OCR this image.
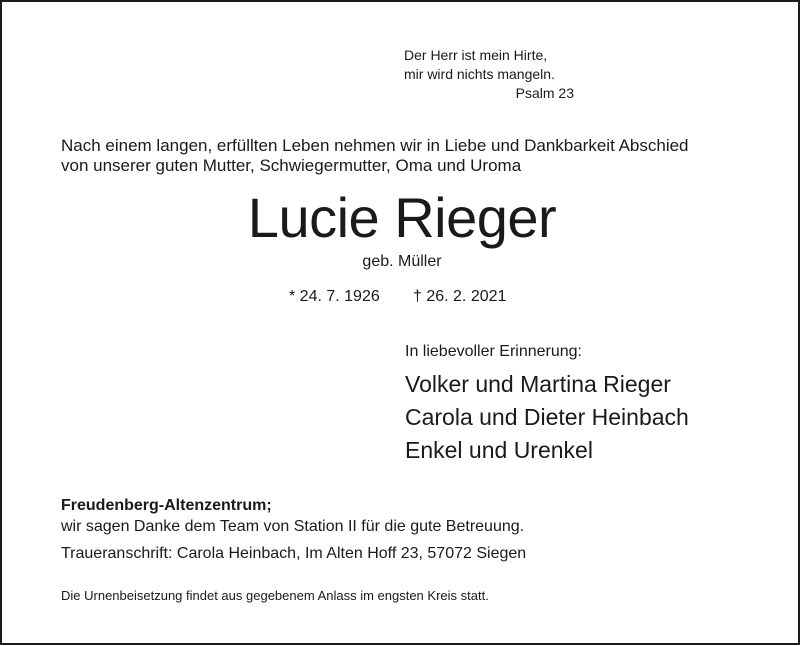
Der Herr ist mein Hirte,
mir wird nichts mangeln.
Psalm 23
Nach einem langen, erfüllten Leben nehmen wir in Liebe und Dankbarkeit Abschied
von unserer guten Mutter, Schwiegermutter, Oma und Uroma
Lucie Rieger
geb. Müller
* 24. 7. 1926 † 26. 2. 2021
In liebevoller Erinnerung:
Volker und Martina Rieger
Carola und Dieter Heinbach
Enkel und Urenkel
Freudenberg-Altenzentrum;
wir sagen Danke dem Team von Station II für die gute Betreuung.
Traueranschrift: Carola Heinbach, Im Alten Hoff 23, 57072 Siegen
Die Urnenbeisetzung findet aus gegebenem Anlass im engsten Kreis statt.
